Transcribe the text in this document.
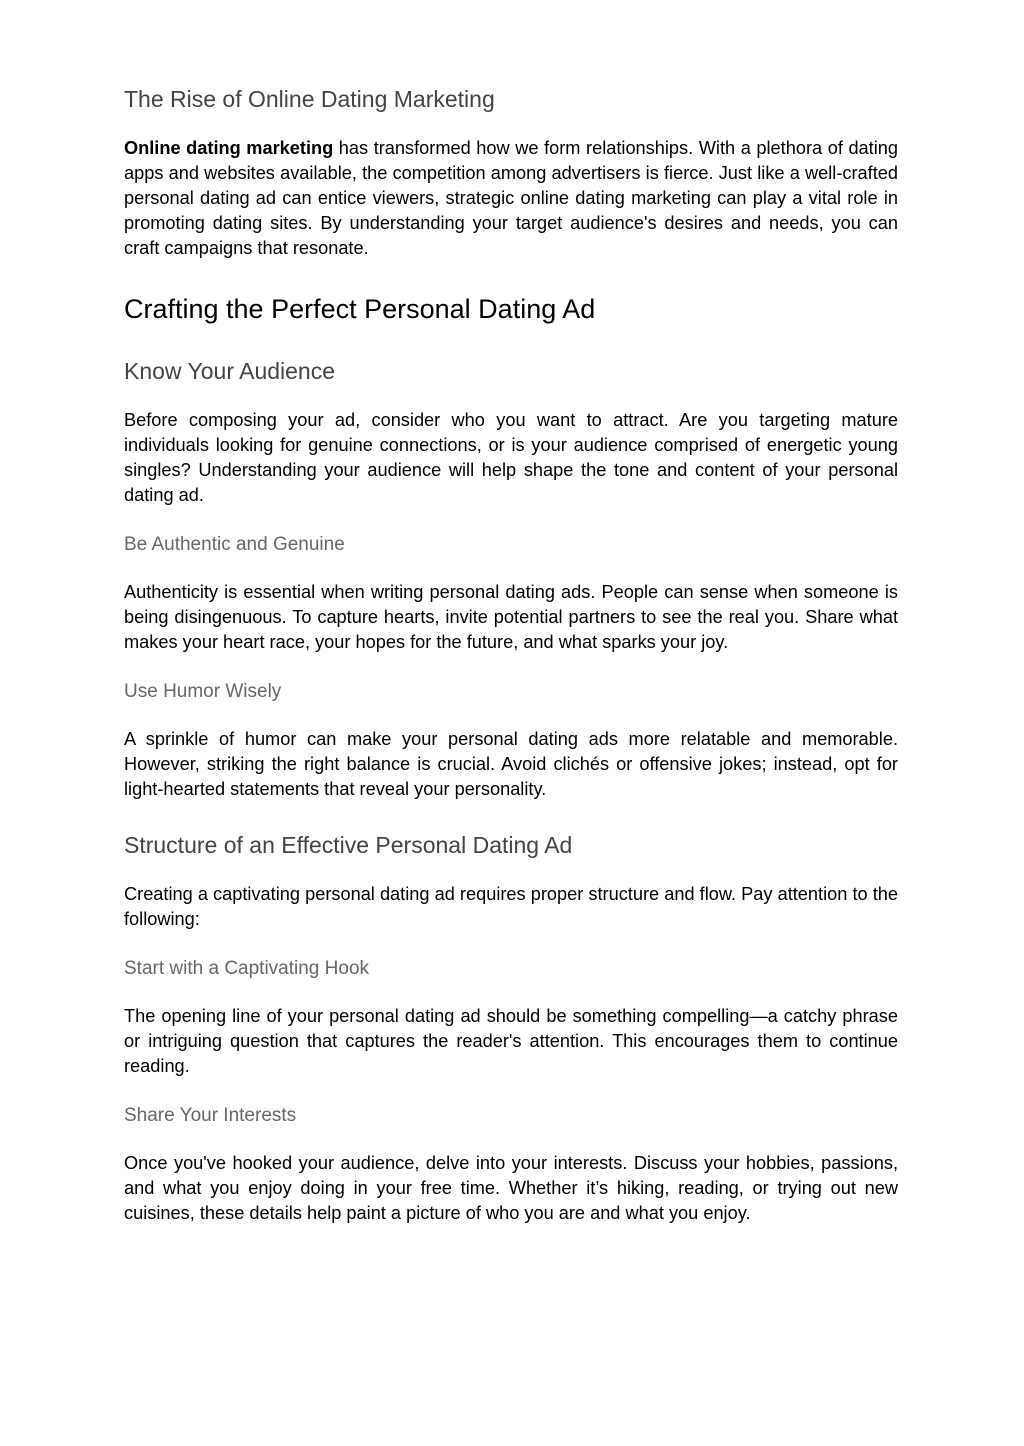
The Rise of Online Dating Marketing

Online dating marketing has transformed how we form relationships. With a plethora of dating apps and websites available, the competition among advertisers is fierce. Just like a well-crafted personal dating ad can entice viewers, strategic online dating marketing can play a vital role in promoting dating sites. By understanding your target audience's desires and needs, you can craft campaigns that resonate.

Crafting the Perfect Personal Dating Ad
Know Your Audience

Before composing your ad, consider who you want to attract. Are you targeting mature individuals looking for genuine connections, or is your audience comprised of energetic young singles? Understanding your audience will help shape the tone and content of your personal dating ad.

Be Authentic and Genuine

Authenticity is essential when writing personal dating ads. People can sense when someone is being disingenuous. To capture hearts, invite potential partners to see the real you. Share what makes your heart race, your hopes for the future, and what sparks your joy.

Use Humor Wisely

A sprinkle of humor can make your personal dating ads more relatable and memorable. However, striking the right balance is crucial. Avoid clichés or offensive jokes; instead, opt for light-hearted statements that reveal your personality.

Structure of an Effective Personal Dating Ad

Creating a captivating personal dating ad requires proper structure and flow. Pay attention to the following:

Start with a Captivating Hook

The opening line of your personal dating ad should be something compelling—a catchy phrase or intriguing question that captures the reader's attention. This encourages them to continue reading.

Share Your Interests

Once you've hooked your audience, delve into your interests. Discuss your hobbies, passions, and what you enjoy doing in your free time. Whether it’s hiking, reading, or trying out new cuisines, these details help paint a picture of who you are and what you enjoy.
